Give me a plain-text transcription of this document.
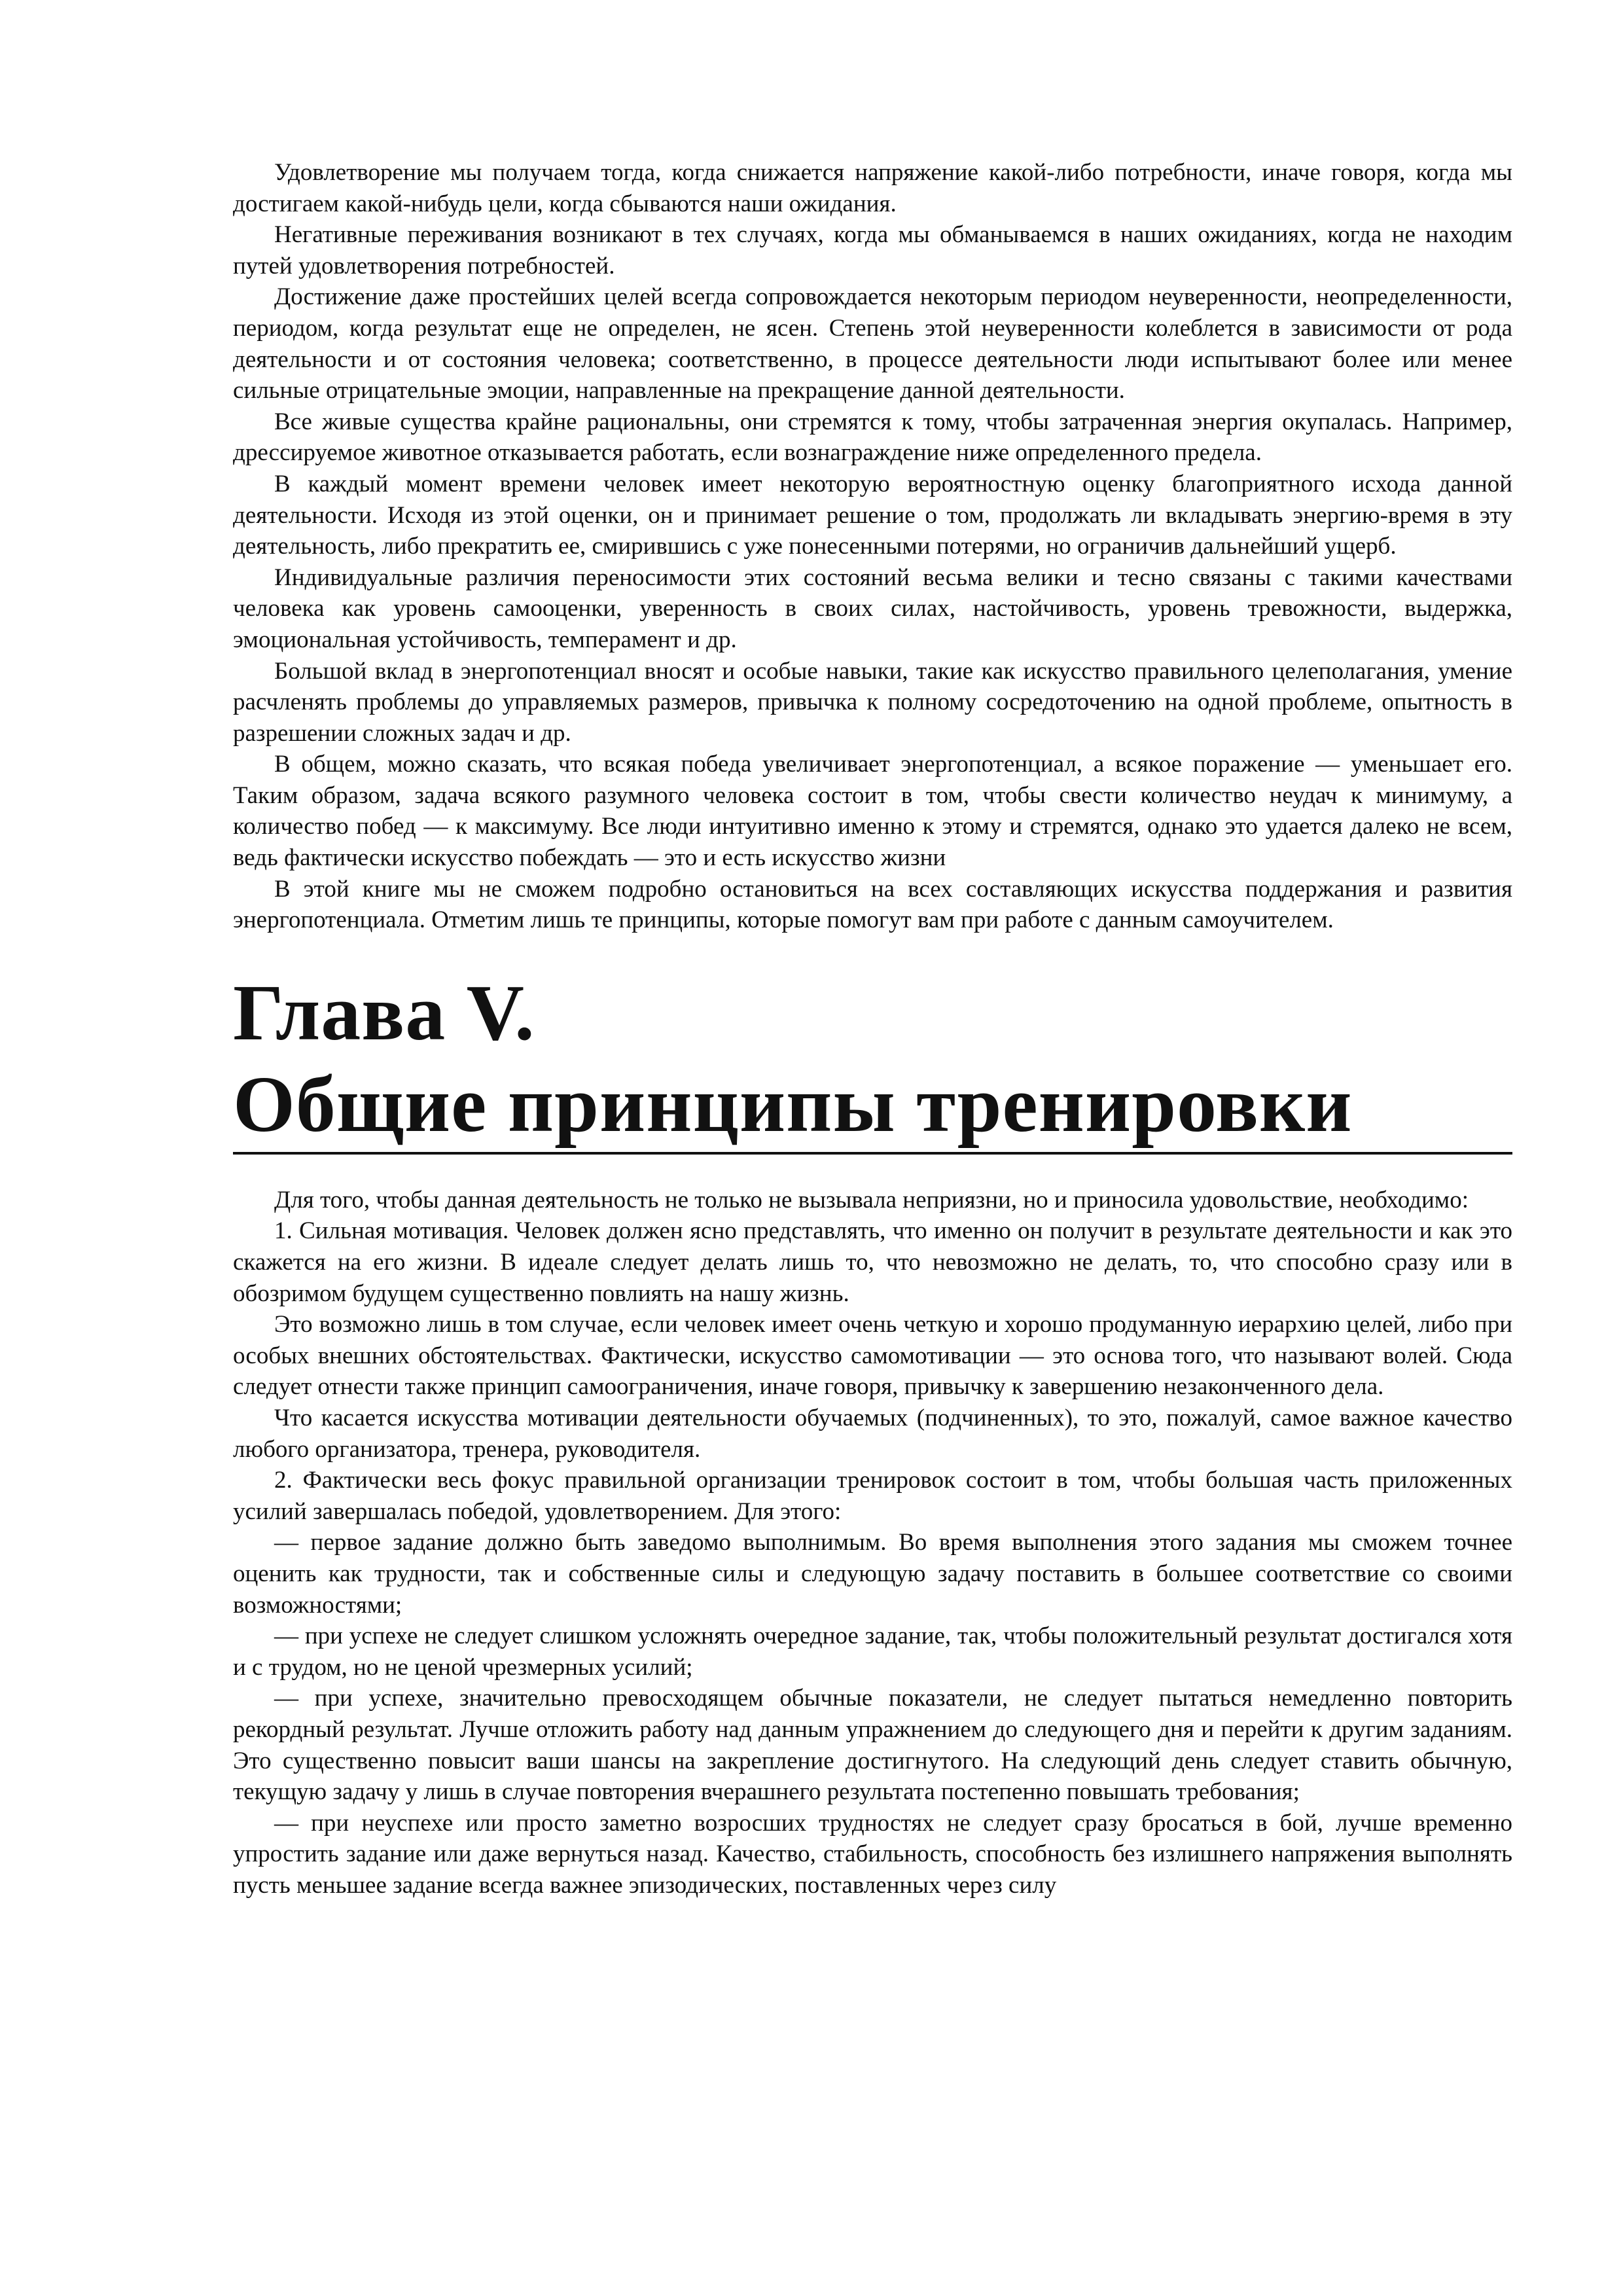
Удовлетворение мы получаем тогда, когда снижается напряжение какой-либо потребности, иначе говоря, когда мы достигаем какой-нибудь цели, когда сбываются наши ожидания.

Негативные переживания возникают в тех случаях, когда мы обманываемся в наших ожиданиях, когда не находим путей удовлетворения потребностей.

Достижение даже простейших целей всегда сопровождается некоторым периодом неуверенности, неопределенности, периодом, когда результат еще не определен, не ясен. Степень этой неуверенности колеблется в зависимости от рода деятельности и от состояния человека; соответственно, в процессе деятельности люди испытывают более или менее сильные отрицательные эмоции, направленные на прекращение данной деятельности.

Все живые существа крайне рациональны, они стремятся к тому, чтобы затраченная энергия окупалась. Например, дрессируемое животное отказывается работать, если вознаграждение ниже определенного предела.

В каждый момент времени человек имеет некоторую вероятностную оценку благоприятного исхода данной деятельности. Исходя из этой оценки, он и принимает решение о том, продолжать ли вкладывать энергию-время в эту деятельность, либо прекратить ее, смирившись с уже понесенными потерями, но ограничив дальнейший ущерб.

Индивидуальные различия переносимости этих состояний весьма велики и тесно связаны с такими качествами человека как уровень самооценки, уверенность в своих силах, настойчивость, уровень тревожности, выдержка, эмоциональная устойчивость, темперамент и др.

Большой вклад в энергопотенциал вносят и особые навыки, такие как искусство правильного целеполагания, умение расчленять проблемы до управляемых размеров, привычка к полному сосредоточению на одной проблеме, опытность в разрешении сложных задач и др.

В общем, можно сказать, что всякая победа увеличивает энергопотенциал, а всякое поражение — уменьшает его. Таким образом, задача всякого разумного человека состоит в том, чтобы свести количество неудач к минимуму, а количество побед — к максимуму. Все люди интуитивно именно к этому и стремятся, однако это удается далеко не всем, ведь фактически искусство побеждать — это и есть искусство жизни

В этой книге мы не сможем подробно остановиться на всех составляющих искусства поддержания и развития энергопотенциала. Отметим лишь те принципы, которые помогут вам при работе с данным самоучителем.

Глава V.
Общие принципы тренировки

Для того, чтобы данная деятельность не только не вызывала неприязни, но и приносила удовольствие, необходимо:

1. Сильная мотивация. Человек должен ясно представлять, что именно он получит в результате деятельности и как это скажется на его жизни. В идеале следует делать лишь то, что невозможно не делать, то, что способно сразу или в обозримом будущем существенно повлиять на нашу жизнь.

Это возможно лишь в том случае, если человек имеет очень четкую и хорошо продуманную иерархию целей, либо при особых внешних обстоятельствах. Фактически, искусство самомотивации — это основа того, что называют волей. Сюда следует отнести также принцип самоограничения, иначе говоря, привычку к завершению незаконченного дела.

Что касается искусства мотивации деятельности обучаемых (подчиненных), то это, пожалуй, самое важное качество любого организатора, тренера, руководителя.

2. Фактически весь фокус правильной организации тренировок состоит в том, чтобы большая часть приложенных усилий завершалась победой, удовлетворением. Для этого:

— первое задание должно быть заведомо выполнимым. Во время выполнения этого задания мы сможем точнее оценить как трудности, так и собственные силы и следующую задачу поставить в большее соответствие со своими возможностями;

— при успехе не следует слишком усложнять очередное задание, так, чтобы положительный результат достигался хотя и с трудом, но не ценой чрезмерных усилий;

— при успехе, значительно превосходящем обычные показатели, не следует пытаться немедленно повторить рекордный результат. Лучше отложить работу над данным упражнением до следующего дня и перейти к другим заданиям. Это существенно повысит ваши шансы на закрепление достигнутого. На следующий день следует ставить обычную, текущую задачу у лишь в случае повторения вчерашнего результата постепенно повышать требования;

— при неуспехе или просто заметно возросших трудностях не следует сразу бросаться в бой, лучше временно упростить задание или даже вернуться назад. Качество, стабильность, способность без излишнего напряжения выполнять пусть меньшее задание всегда важнее эпизодических, поставленных через силу
